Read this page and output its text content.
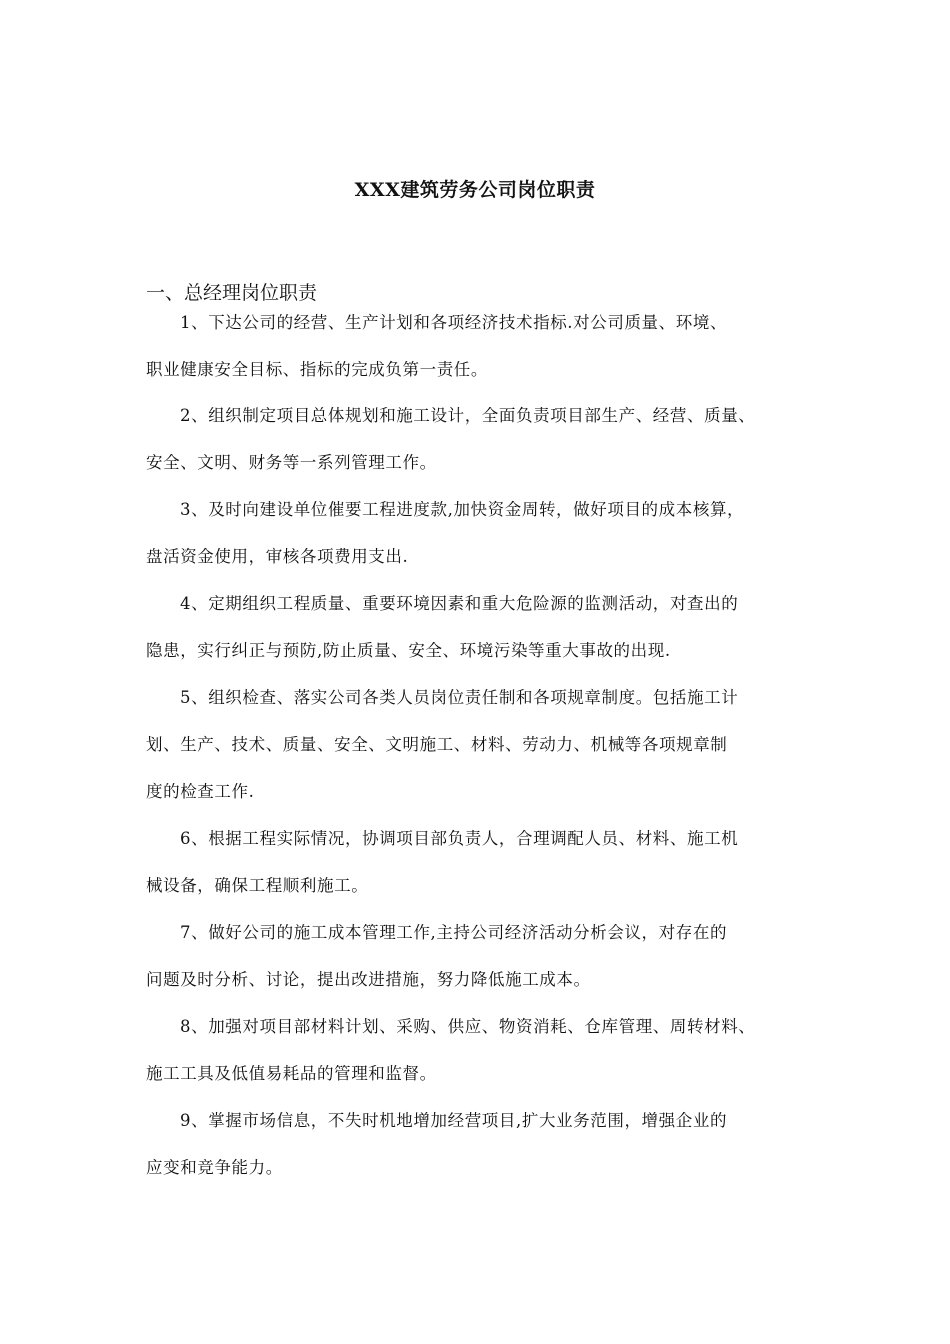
XXX建筑劳务公司岗位职责
一、总经理岗位职责
1、下达公司的经营、生产计划和各项经济技术指标.对公司质量、环境、
职业健康安全目标、指标的完成负第一责任。
2、组织制定项目总体规划和施工设计，全面负责项目部生产、经营、质量、
安全、文明、财务等一系列管理工作。
3、及时向建设单位催要工程进度款,加快资金周转，做好项目的成本核算，
盘活资金使用，审核各项费用支出.
4、定期组织工程质量、重要环境因素和重大危险源的监测活动，对查出的
隐患，实行纠正与预防,防止质量、安全、环境污染等重大事故的出现.
5、组织检查、落实公司各类人员岗位责任制和各项规章制度。包括施工计
划、生产、技术、质量、安全、文明施工、材料、劳动力、机械等各项规章制
度的检查工作.
6、根据工程实际情况，协调项目部负责人，合理调配人员、材料、施工机
械设备，确保工程顺利施工。
7、做好公司的施工成本管理工作,主持公司经济活动分析会议，对存在的
问题及时分析、讨论，提出改进措施，努力降低施工成本。
8、加强对项目部材料计划、采购、供应、物资消耗、仓库管理、周转材料、
施工工具及低值易耗品的管理和监督。
9、掌握市场信息，不失时机地增加经营项目,扩大业务范围，增强企业的
应变和竞争能力。
